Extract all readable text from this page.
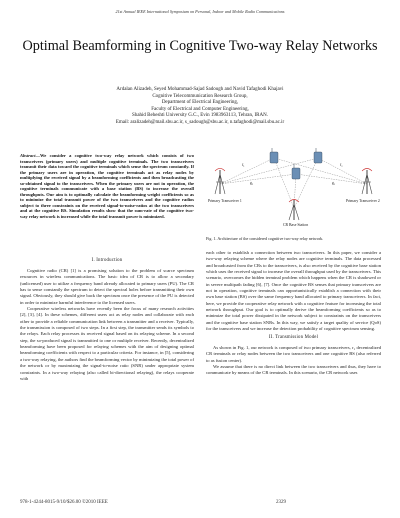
21st Annual IEEE International Symposium on Personal, Indoor and Mobile Radio Communications
Optimal Beamforming in Cognitive Two-way Relay Networks
Ardalan Alizadeh, Seyed Mohammad-Sajad Sadough and Navid Tafaghodi Khajavi
Cognitive Telecommunication Research Group,
Department of Electrical Engineering,
Faculty of Electrical and Computer Engineering,
Shahid Beheshti University G.C., Evin 1983963113, Tehran, IRAN.
Email: aralizadeh@mail.sbu.ac.ir, s_sadough@sbu.ac.ir, n.tafaghodi@mail.sbu.ac.ir
Abstract—We consider a cognitive two-way relay network which consists of two transceivers (primary users) and multiple cognitive terminals. The two transceivers transmit their data toward the cognitive terminals which sense the spectrum constantly. If the primary users are in operation, the cognitive terminals act as relay nodes by multiplying the received signal by a beamforming coefficients and then broadcasting the so-obtained signal to the transceivers. When the primary users are not in operation, the cognitive terminals communicate with a base station (BS) to increase the overall throughputs. Our aim is to optimally calculate the beamforming weight coefficients so as to minimize the total transmit power of the two transceivers and the cognitive radios subject to three constraints on the received signal-to-noise-ratios at the two transceivers and at the cognitive BS. Simulation results show that the sum-rate of the cognitive two-way relay network is increased while the total transmit power is minimized.
I. Introduction

Cognitive radio (CR) [1] is a promising solution to the problem of scarce spectrum resources in wireless communications. The basic idea of CR is to allow a secondary (unlicensed) user to utilize a frequency band already allocated to primary users (PU). The CR has to sense constantly the spectrum to detect the spectral holes before transmitting their own signal. Obviously, they should give back the spectrum once the presence of the PU is detected in order to minimize harmful interference to the licensed users.

Cooperative wireless networks have recently been the focus of many research activities [2], [3], [4]. In these schemes, different users act as relay nodes and collaborate with each other to provide a reliable communication link between a transmitter and a receiver. Typically, the transmission is composed of two steps. In a first step, the transmitter sends its symbols to the relays. Each relay processes its received signal based on its relaying scheme. In a second step, the so-produced signal is transmitted to one or multiple receiver. Recently, decentralized beamforming have been proposed for relaying schemes with the aim of designing optimal beamforming coefficients with respect to a particular criteria. For instance, in [5], considering a two-way relaying, the authors find the beamforming vector by minimizing the total power of the network or by maximizing the signal-to-noise ratio (SNR) under appropriate system constraints. In a two-way relaying (also called bi-directional relaying), the relays cooperate with

Primary Transceiver 1	Primary Transceiver 2
CR Base Station
f₁	f₂
g₁	g₂
Fig. 1. Architecture of the considered cognitive two-way relay network.

each other to establish a connection between two transceivers. In this paper, we consider a two-way relaying scheme where the relay nodes are cognitive terminals. The data processed and broadcasted from the CRs to the transceivers, is also received by the cognitive base station which uses the received signal to increase the overall throughput used by the transceivers. This scenario, overcomes the hidden terminal problem which happens when the CR is shadowed or in severe multipath fading [6], [7]. Once the cognitive BS senses that primary transceivers are not in operation, cognitive terminals can opportunistically establish a connection with their own base station (BS) over the same frequency band allocated to primary transceivers. In fact, here, we provide the cooperative relay network with a cognitive feature for increasing the total network throughput. Our goal is to optimally derive the beamforming coefficients so as to minimize the total power dissipated in the network subject to constraints on the transceivers and the cognitive base station SNRs. In this way, we satisfy a target quality of service (QoS) for the transceivers and we increase the detection probability of cognitive spectrum sensing.

II. Transmission Model

As shown in Fig. 1, our network is composed of two primary transceivers, r₁ decentralized CR terminals or relay nodes between the two transceivers and one cognitive BS (also referred to as fusion center).

We assume that there is no direct link between the two transceivers and thus, they have to communicate by means of the CR terminals. In this scenario, the CR network uses

978-1-4244-8015-9/10/$26.00 ©2010 IEEE	2329
